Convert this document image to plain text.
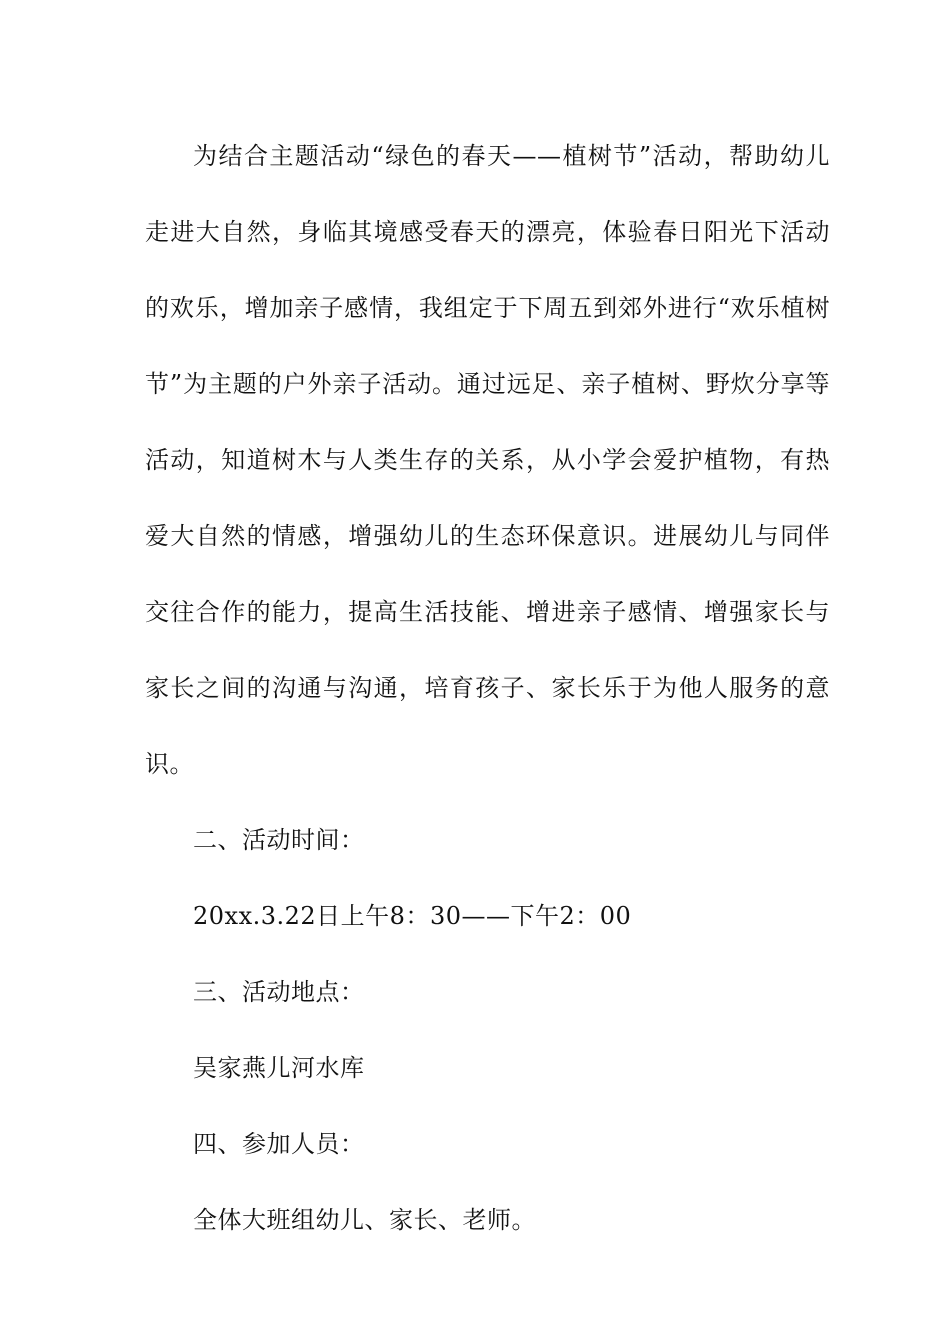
为结合主题活动“绿色的春天——植树节”活动，帮助幼儿走进大自然，身临其境感受春天的漂亮，体验春日阳光下活动的欢乐，增加亲子感情，我组定于下周五到郊外进行“欢乐植树节”为主题的户外亲子活动。通过远足、亲子植树、野炊分享等活动，知道树木与人类生存的关系，从小学会爱护植物，有热爱大自然的情感，增强幼儿的生态环保意识。进展幼儿与同伴交往合作的能力，提高生活技能、增进亲子感情、增强家长与家长之间的沟通与沟通，培育孩子、家长乐于为他人服务的意识。

二、活动时间：

20xx.3.22日上午8：30——下午2：00

三、活动地点：

吴家燕儿河水库

四、参加人员：

全体大班组幼儿、家长、老师。
